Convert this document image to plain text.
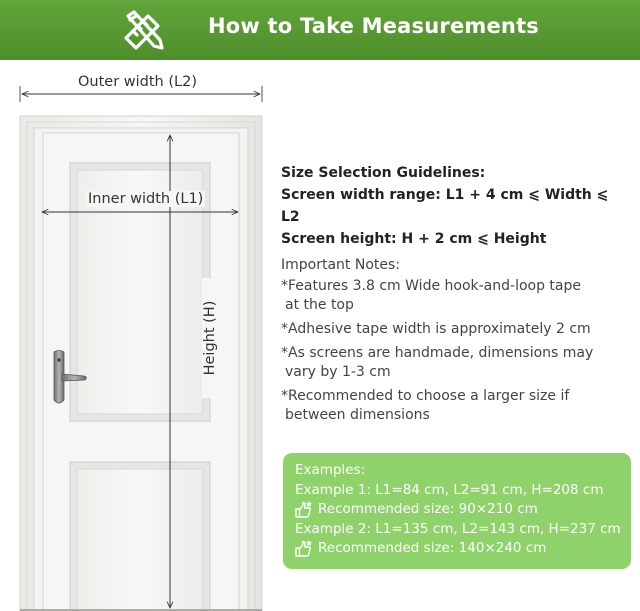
How to Take Measurements
Outer width (L2)
Inner width (L1)
Height (H)
Size Selection Guidelines:
Screen width range: L1 + 4 cm ⩽ Width ⩽ L2
Screen height: H + 2 cm ⩽ Height
Important Notes:
*Features 3.8 cm Wide hook-and-loop tape
at the top
*Adhesive tape width is approximately 2 cm
*As screens are handmade, dimensions may
vary by 1-3 cm
*Recommended to choose a larger size if
between dimensions
Examples:
Example 1: L1=84 cm, L2=91 cm, H=208 cm
Recommended size: 90×210 cm
Example 2: L1=135 cm, L2=143 cm, H=237 cm
Recommended size: 140×240 cm
